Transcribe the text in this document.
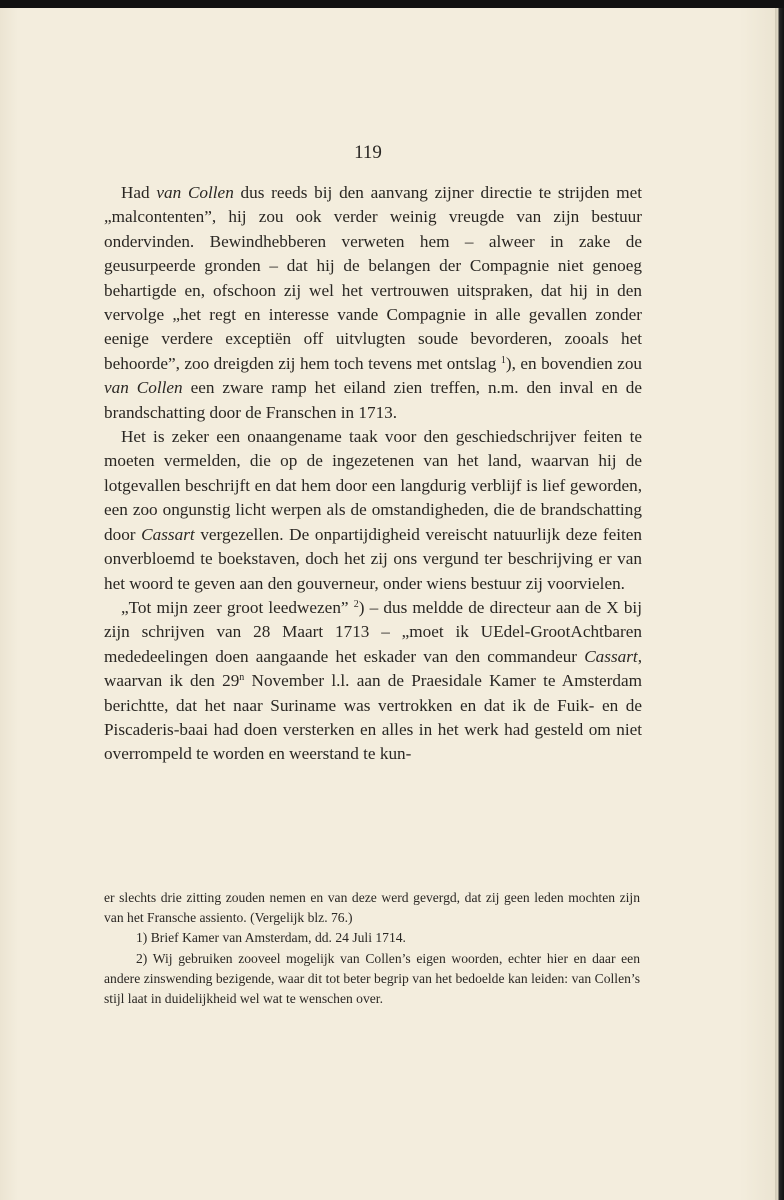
119

Had van Collen dus reeds bij den aanvang zijner directie te strijden met „malcontenten”, hij zou ook verder weinig vreugde van zijn bestuur ondervinden. Bewindhebberen verweten hem – alweer in zake de geusurpeerde gronden – dat hij de belangen der Compagnie niet genoeg behartigde en, ofschoon zij wel het vertrouwen uitspraken, dat hij in den vervolge „het regt en interesse vande Compagnie in alle gevallen zonder eenige verdere exceptiën off uitvlugten soude bevorderen, zooals het behoorde”, zoo dreigden zij hem toch tevens met ontslag $^1$), en bovendien zou van Collen een zware ramp het eiland zien treffen, n.m. den inval en de brandschatting door de Franschen in 1713.

Het is zeker een onaangename taak voor den geschiedschrijver feiten te moeten vermelden, die op de ingezetenen van het land, waarvan hij de lotgevallen beschrijft en dat hem door een langdurig verblijf is lief geworden, een zoo ongunstig licht werpen als de omstandigheden, die de brandschatting door Cassart vergezellen. De onpartijdigheid vereischt natuurlijk deze feiten onverbloemd te boekstaven, doch het zij ons vergund ter beschrijving er van het woord te geven aan den gouverneur, onder wiens bestuur zij voorvielen.

„Tot mijn zeer groot leedwezen” $^2$) – dus meldde de directeur aan de X bij zijn schrijven van 28 Maart 1713 – „moet ik UEdel-GrootAchtbaren mededeelingen doen aangaande het eskader van den commandeur Cassart, waarvan ik den 29$^n$ November l.l. aan de Praesidale Kamer te Amsterdam berichtte, dat het naar Suriname was vertrokken en dat ik de Fuik- en de Piscaderis-baai had doen versterken en alles in het werk had gesteld om niet overrompeld te worden en weerstand te kun-

er slechts drie zitting zouden nemen en van deze werd gevergd, dat zij geen leden mochten zijn van het Fransche assiento. (Vergelijk blz. 76.)

1) Brief Kamer van Amsterdam, dd. 24 Juli 1714.

2) Wij gebruiken zooveel mogelijk van Collen’s eigen woorden, echter hier en daar een andere zinswending bezigende, waar dit tot beter begrip van het bedoelde kan leiden: van Collen’s stijl laat in duidelijkheid wel wat te wenschen over.
